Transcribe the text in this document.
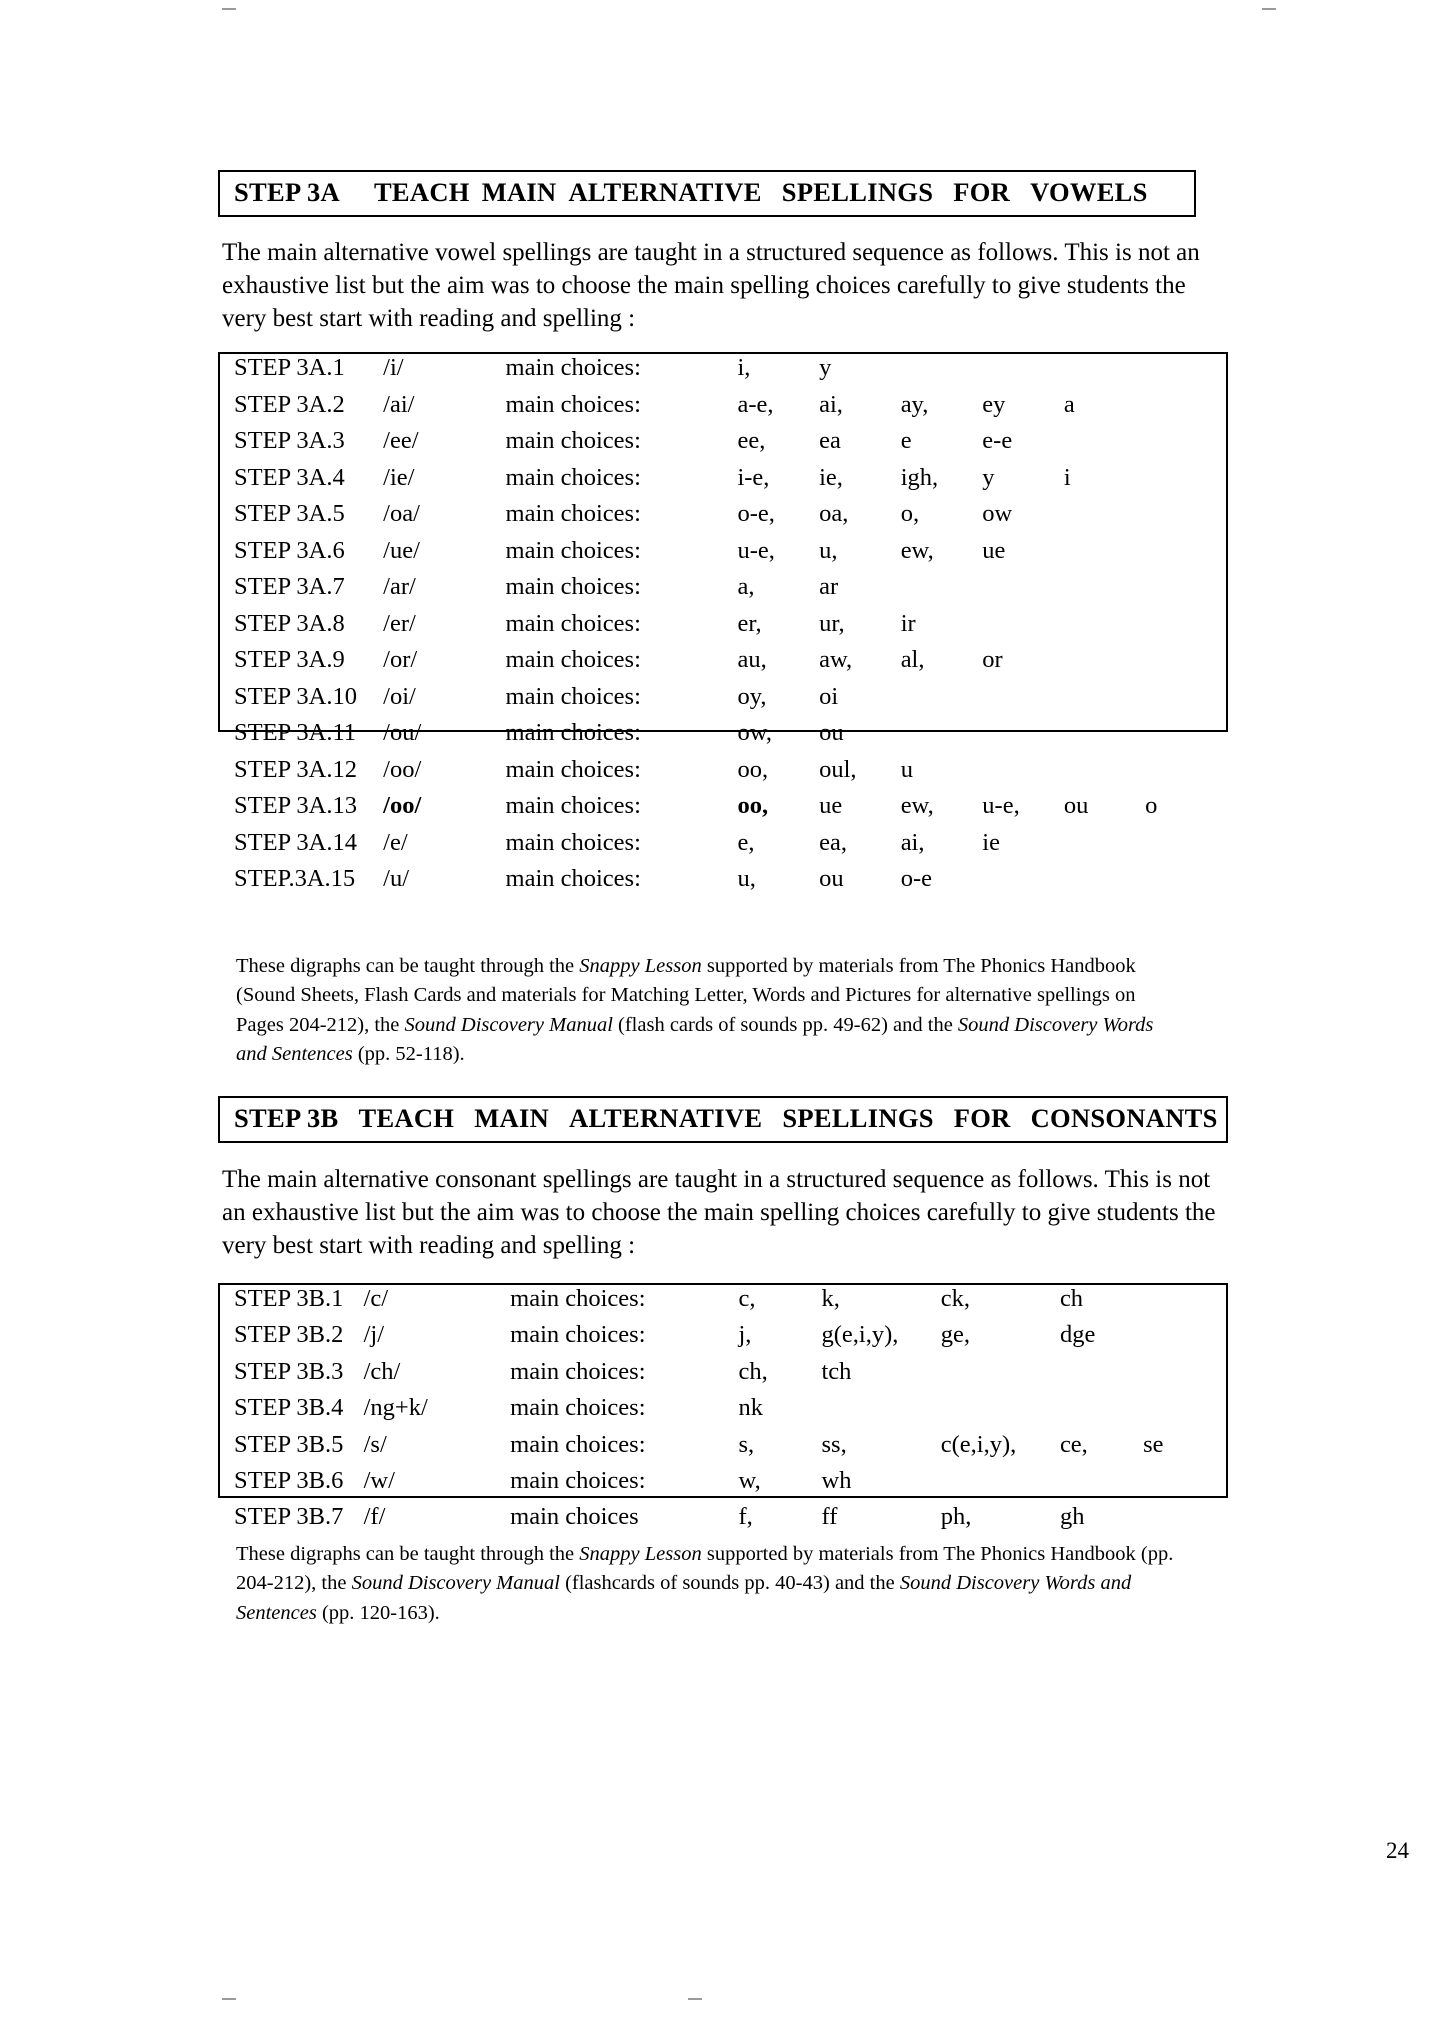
STEP 3A TEACH MAIN ALTERNATIVE SPELLINGS FOR VOWELS
The main alternative vowel spellings are taught in a structured sequence as follows. This is not an exhaustive list but the aim was to choose the main spelling choices carefully to give students the very best start with reading and spelling :
STEP 3A.1	/i/	main choices:	i,	y				
STEP 3A.2	/ai/	main choices:	a-e,	ai,	ay,	ey	a	
STEP 3A.3	/ee/	main choices:	ee,	ea	e	e-e		
STEP 3A.4	/ie/	main choices:	i-e,	ie,	igh,	y	i	
STEP 3A.5	/oa/	main choices:	o-e,	oa,	o,	ow		
STEP 3A.6	/ue/	main choices:	u-e,	u,	ew,	ue		
STEP 3A.7	/ar/	main choices:	a,	ar				
STEP 3A.8	/er/	main choices:	er,	ur,	ir			
STEP 3A.9	/or/	main choices:	au,	aw,	al,	or		
STEP 3A.10	/oi/	main choices:	oy,	oi				
STEP 3A.11	/ou/	main choices:	ow,	ou				
STEP 3A.12	/oo/	main choices:	oo,	oul,	u			
STEP 3A.13	/oo/	main choices:	oo,	ue	ew,	u-e,	ou	o
STEP 3A.14	/e/	main choices:	e,	ea,	ai,	ie		
STEP.3A.15	/u/	main choices:	u,	ou	o-e			
These digraphs can be taught through the Snappy Lesson supported by materials from The Phonics Handbook (Sound Sheets, Flash Cards and materials for Matching Letter, Words and Pictures for alternative spellings on Pages 204-212), the Sound Discovery Manual (flash cards of sounds pp. 49-62) and the Sound Discovery Words and Sentences (pp. 52-118).
STEP 3B TEACH MAIN ALTERNATIVE SPELLINGS FOR CONSONANTS
The main alternative consonant spellings are taught in a structured sequence as follows. This is not an exhaustive list but the aim was to choose the main spelling choices carefully to give students the very best start with reading and spelling :
STEP 3B.1	/c/	main choices:	c,	k,	ck,	ch	
STEP 3B.2	/j/	main choices:	j,	g(e,i,y),	ge,	dge	
STEP 3B.3	/ch/	main choices:	ch,	tch			
STEP 3B.4	/ng+k/	main choices:	nk				
STEP 3B.5	/s/	main choices:	s,	ss,	c(e,i,y),	ce,	se
STEP 3B.6	/w/	main choices:	w,	wh			
STEP 3B.7	/f/	main choices	f,	ff	ph,	gh	
These digraphs can be taught through the Snappy Lesson supported by materials from The Phonics Handbook (pp. 204-212), the Sound Discovery Manual (flashcards of sounds pp. 40-43) and the Sound Discovery Words and Sentences (pp. 120-163).
24
